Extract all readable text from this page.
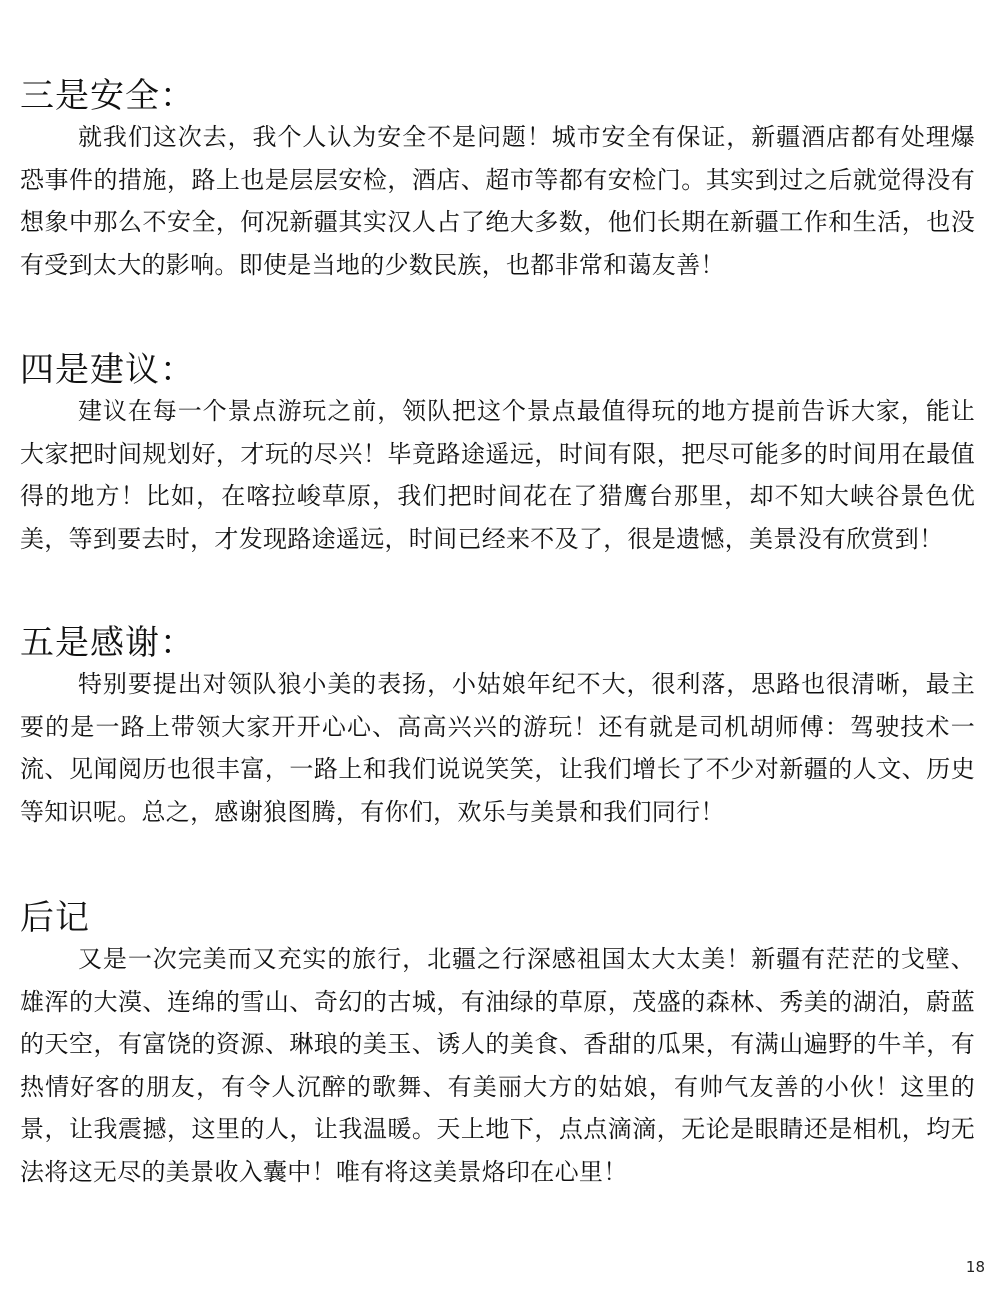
三是安全：

就我们这次去，我个人认为安全不是问题！城市安全有保证，新疆酒店都有处理爆恐事件的措施，路上也是层层安检，酒店、超市等都有安检门。其实到过之后就觉得没有想象中那么不安全，何况新疆其实汉人占了绝大多数，他们长期在新疆工作和生活，也没有受到太大的影响。即使是当地的少数民族，也都非常和蔼友善！

四是建议：

建议在每一个景点游玩之前，领队把这个景点最值得玩的地方提前告诉大家，能让大家把时间规划好，才玩的尽兴！毕竟路途遥远，时间有限，把尽可能多的时间用在最值得的地方！比如，在喀拉峻草原，我们把时间花在了猎鹰台那里，却不知大峡谷景色优美，等到要去时，才发现路途遥远，时间已经来不及了，很是遗憾，美景没有欣赏到！

五是感谢：

特别要提出对领队狼小美的表扬，小姑娘年纪不大，很利落，思路也很清晰，最主要的是一路上带领大家开开心心、高高兴兴的游玩！还有就是司机胡师傅：驾驶技术一流、见闻阅历也很丰富，一路上和我们说说笑笑，让我们增长了不少对新疆的人文、历史等知识呢。总之，感谢狼图腾，有你们，欢乐与美景和我们同行！

后记

又是一次完美而又充实的旅行，北疆之行深感祖国太大太美！新疆有茫茫的戈壁、雄浑的大漠、连绵的雪山、奇幻的古城，有油绿的草原，茂盛的森林、秀美的湖泊，蔚蓝的天空，有富饶的资源、琳琅的美玉、诱人的美食、香甜的瓜果，有满山遍野的牛羊，有热情好客的朋友，有令人沉醉的歌舞、有美丽大方的姑娘，有帅气友善的小伙！这里的景，让我震撼，这里的人，让我温暖。天上地下，点点滴滴，无论是眼睛还是相机，均无法将这无尽的美景收入囊中！唯有将这美景烙印在心里！

18
